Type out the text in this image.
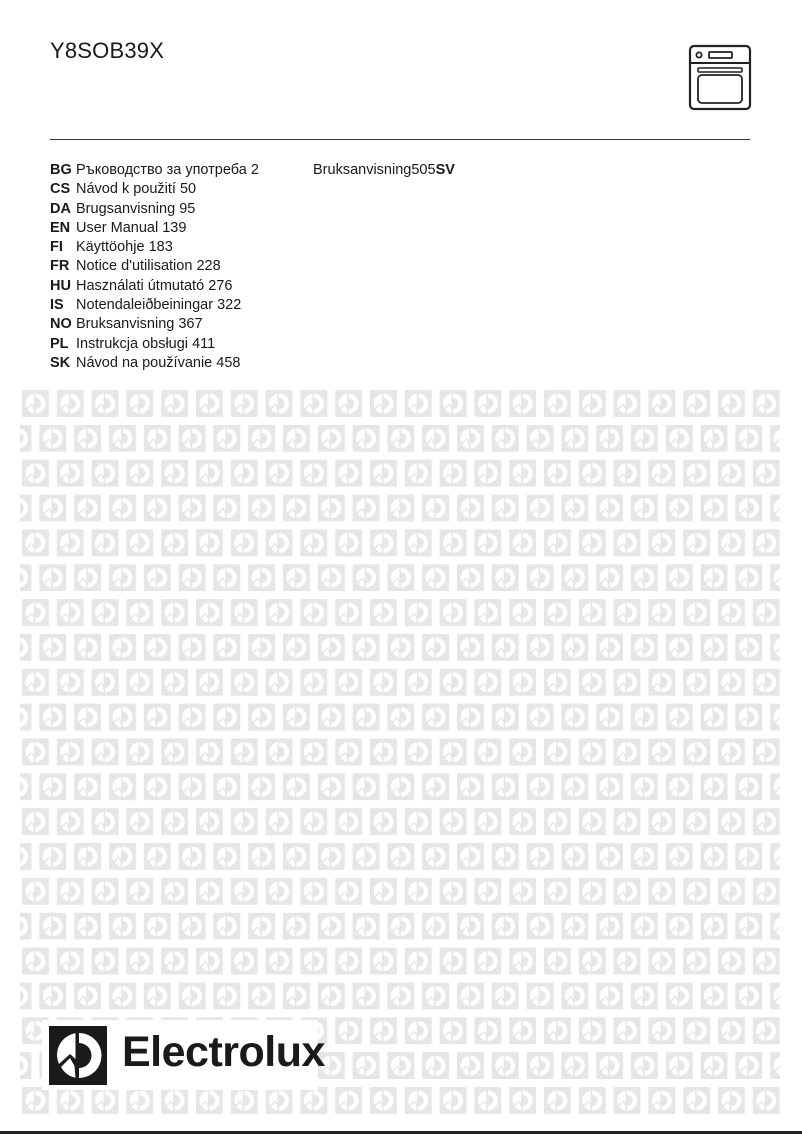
Y8SOB39X
BG Ръководство за употреба 2
CS Návod k použití 50
DA Brugsanvisning 95
EN User Manual 139
FI Käyttöohje 183
FR Notice d'utilisation 228
HU Használati útmutató 276
IS Notendaleiðbeiningar 322
NO Bruksanvisning 367
PL Instrukcja obsługi 411
SK Návod na používanie 458
Bruksanvisning 505SV
Electrolux
